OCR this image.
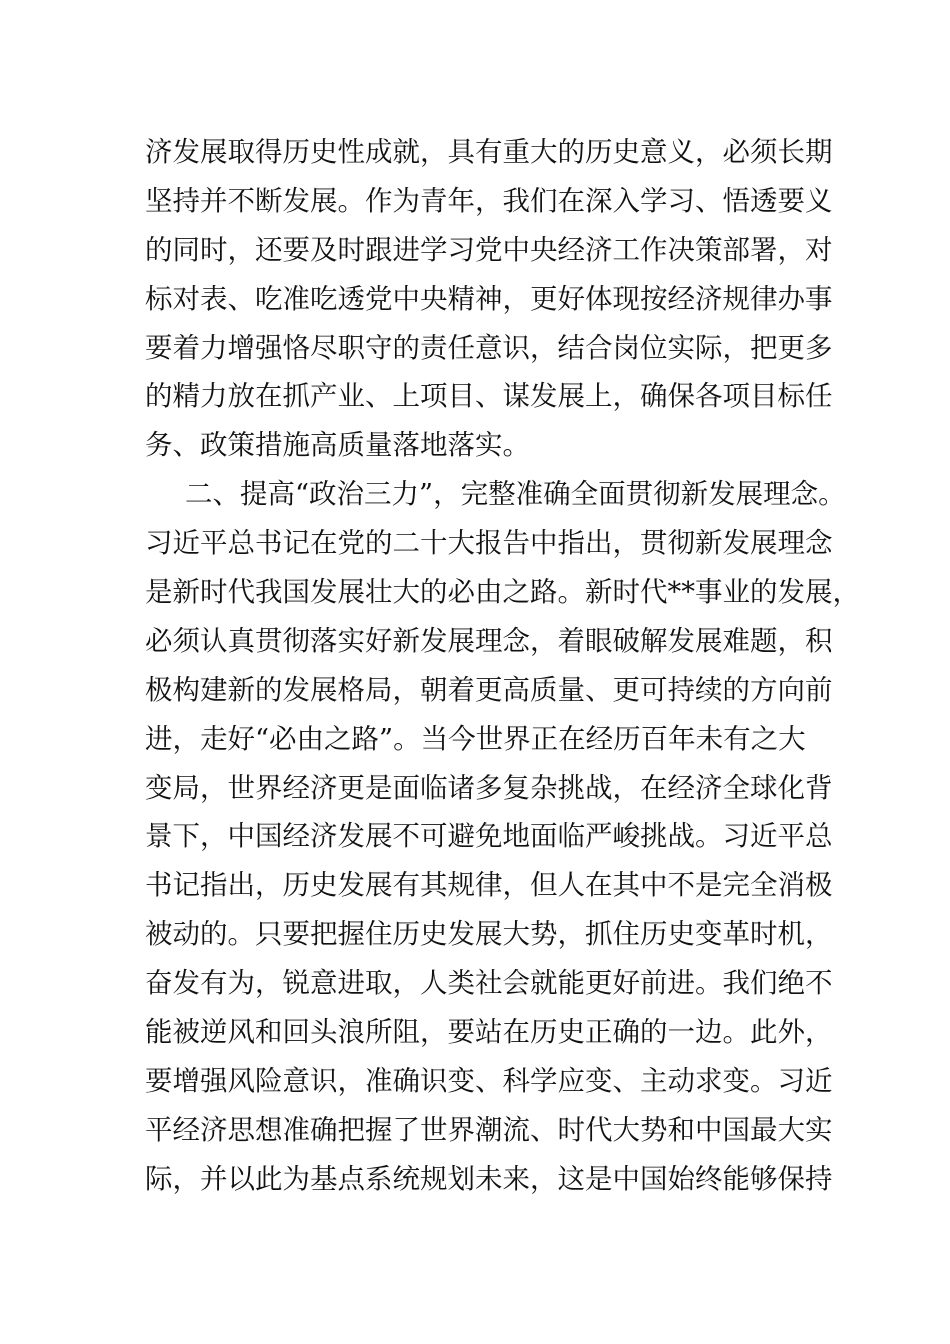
济发展取得历史性成就，具有重大的历史意义，必须长期
坚持并不断发展。作为青年，我们在深入学习、悟透要义
的同时，还要及时跟进学习党中央经济工作决策部署，对
标对表、吃准吃透党中央精神，更好体现按经济规律办事
要着力增强恪尽职守的责任意识，结合岗位实际，把更多
的精力放在抓产业、上项目、谋发展上，确保各项目标任
务、政策措施高质量落地落实。
二、提高“政治三力”，完整准确全面贯彻新发展理念。
习近平总书记在党的二十大报告中指出，贯彻新发展理念
是新时代我国发展壮大的必由之路。新时代**事业的发展，
必须认真贯彻落实好新发展理念，着眼破解发展难题，积
极构建新的发展格局，朝着更高质量、更可持续的方向前
进，走好“必由之路”。当今世界正在经历百年未有之大
变局，世界经济更是面临诸多复杂挑战，在经济全球化背
景下，中国经济发展不可避免地面临严峻挑战。习近平总
书记指出，历史发展有其规律，但人在其中不是完全消极
被动的。只要把握住历史发展大势，抓住历史变革时机，
奋发有为，锐意进取，人类社会就能更好前进。我们绝不
能被逆风和回头浪所阻，要站在历史正确的一边。此外，
要增强风险意识，准确识变、科学应变、主动求变。习近
平经济思想准确把握了世界潮流、时代大势和中国最大实
际，并以此为基点系统规划未来，这是中国始终能够保持
